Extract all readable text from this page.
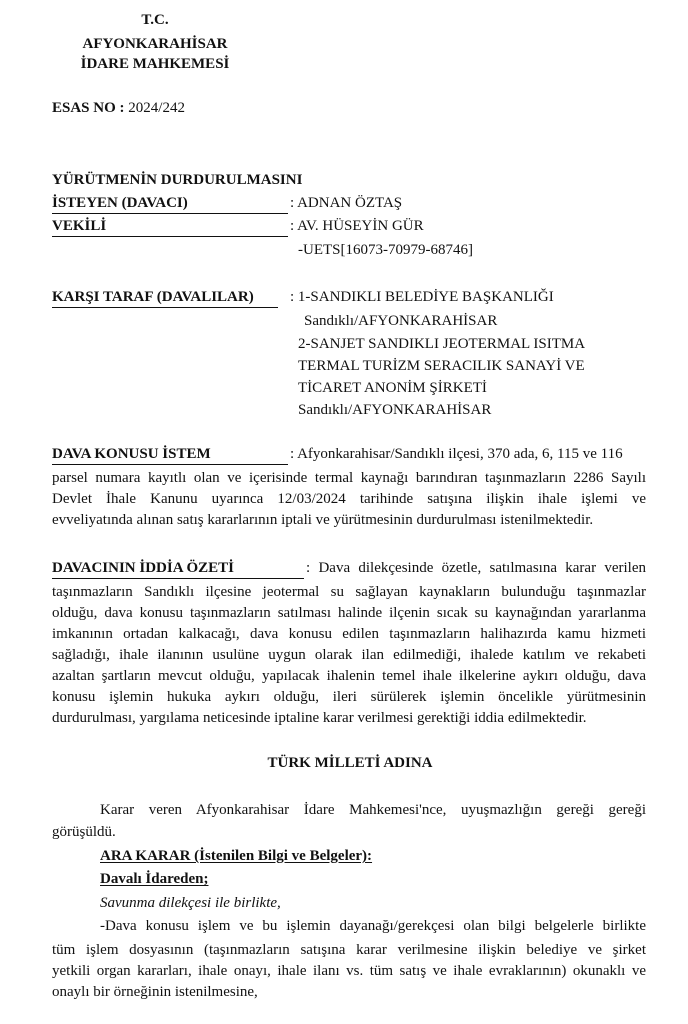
T.C.
AFYONKARAHİSAR
İDARE MAHKEMESİ
ESAS NO : 2024/242
YÜRÜTMENİN DURDURULMASINI
İSTEYEN (DAVACI)	: ADNAN ÖZTAŞ
VEKİLİ	: AV. HÜSEYİN GÜR
-UETS[16073-70979-68746]
KARŞI TARAF (DAVALILAR) : 1-SANDIKLI BELEDİYE BAŞKANLIĞI
Sandıklı/AFYONKARAHİSAR
2-SANJET SANDIKLI JEOTERMAL ISITMA
TERMAL TURİZM SERACILIK SANAYİ VE
TİCARET ANONİM ŞİRKETİ
Sandıklı/AFYONKARAHİSAR
DAVA KONUSU İSTEM	: Afyonkarahisar/Sandıklı ilçesi, 370 ada, 6, 115 ve 116
parsel numara kayıtlı olan ve içerisinde termal kaynağı barındıran taşınmazların 2286 Sayılı
Devlet İhale Kanunu uyarınca 12/03/2024 tarihinde satışına ilişkin ihale işlemi ve
evveliyatında alınan satış kararlarının iptali ve yürütmesinin durdurulması istenilmektedir.
DAVACININ İDDİA ÖZETİ	: Dava dilekçesinde özetle, satılmasına karar verilen
taşınmazların Sandıklı ilçesine jeotermal su sağlayan kaynakların bulunduğu taşınmazlar
olduğu, dava konusu taşınmazların satılması halinde ilçenin sıcak su kaynağından yararlanma
imkanının ortadan kalkacağı, dava konusu edilen taşınmazların halihazırda kamu hizmeti
sağladığı, ihale ilanının usulüne uygun olarak ilan edilmediği, ihalede katılım ve rekabeti
azaltan şartların mevcut olduğu, yapılacak ihalenin temel ihale ilkelerine aykırı olduğu, dava
konusu işlemin hukuka aykırı olduğu, ileri sürülerek işlemin öncelikle yürütmesinin
durdurulması, yargılama neticesinde iptaline karar verilmesi gerektiği iddia edilmektedir.
TÜRK MİLLETİ ADINA
Karar veren Afyonkarahisar İdare Mahkemesi'nce, uyuşmazlığın gereği gereği
görüşüldü.
ARA KARAR (İstenilen Bilgi ve Belgeler):
Davalı İdareden;
Savunma dilekçesi ile birlikte,
-Dava konusu işlem ve bu işlemin dayanağı/gerekçesi olan bilgi belgelerle birlikte
tüm işlem dosyasının (taşınmazların satışına karar verilmesine ilişkin belediye ve şirket
yetkili organ kararları, ihale onayı, ihale ilanı vs. tüm satış ve ihale evraklarının) okunaklı ve
onaylı bir örneğinin istenilmesine,
